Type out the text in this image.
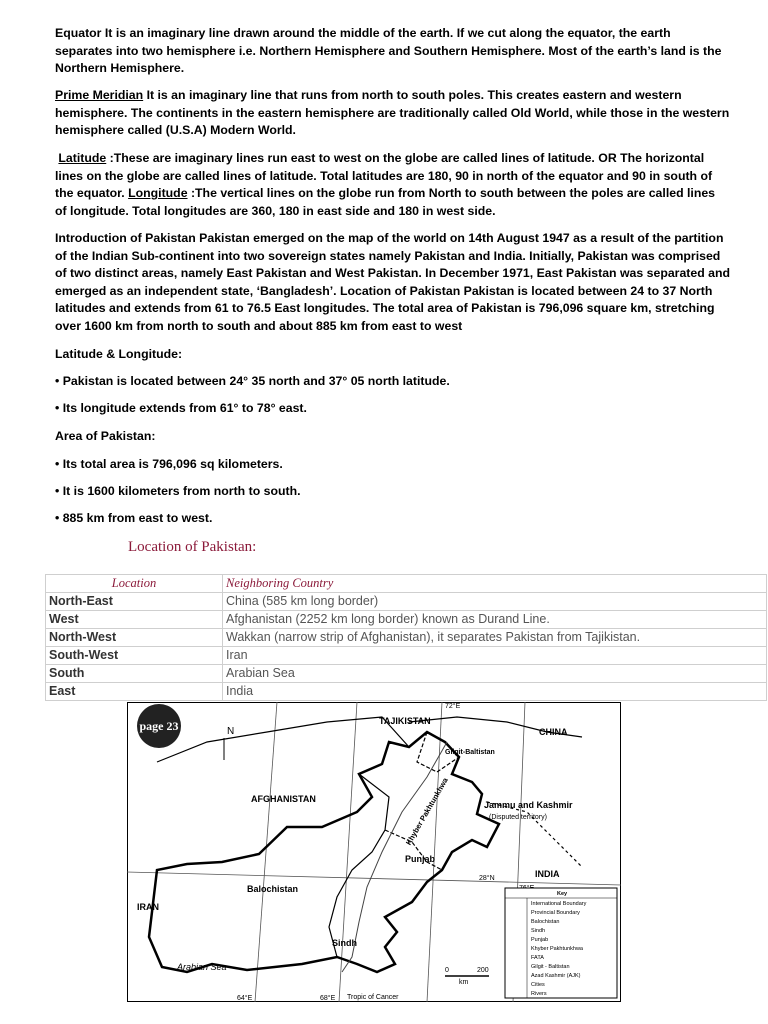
Equator It is an imaginary line drawn around the middle of the earth. If we cut along the equator, the earth separates into two hemisphere i.e. Northern Hemisphere and Southern Hemisphere. Most of the earth’s land is the Northern Hemisphere.

Prime Meridian It is an imaginary line that runs from north to south poles. This creates eastern and western hemisphere. The continents in the eastern hemisphere are traditionally called Old World, while those in the western hemisphere called (U.S.A) Modern World.

Latitude :These are imaginary lines run east to west on the globe are called lines of latitude. OR The horizontal lines on the globe are called lines of latitude. Total latitudes are 180, 90 in north of the equator and 90 in south of the equator. Longitude :The vertical lines on the globe run from North to south between the poles are called lines of longitude. Total longitudes are 360, 180 in east side and 180 in west side.

Introduction of Pakistan Pakistan emerged on the map of the world on 14th August 1947 as a result of the partition of the Indian Sub-continent into two sovereign states namely Pakistan and India. Initially, Pakistan was comprised of two distinct areas, namely East Pakistan and West Pakistan. In December 1971, East Pakistan was separated and emerged as an independent state, ‘Bangladesh’. Location of Pakistan Pakistan is located between 24 to 37 North latitudes and extends from 61 to 76.5 East longitudes. The total area of Pakistan is 796,096 square km, stretching over 1600 km from north to south and about 885 km from east to west

Latitude & Longitude:
• Pakistan is located between 24° 35 north and 37° 05 north latitude.
• Its longitude extends from 61° to 78° east.
Area of Pakistan:
• Its total area is 796,096 sq kilometers.
• It is 1600 kilometers from north to south.
• 885 km from east to west.
Location of Pakistan:
Location	Neighboring Country
North-East	China (585 km long border)
West	Afghanistan (2252 km long border) known as Durand Line.
North-West	Wakkan (narrow strip of Afghanistan), it separates Pakistan from Tajikistan.
South-West	Iran
South	Arabian Sea
East	India
page 23	N
TAJIKISTAN
CHINA
AFGHANISTAN
Jammu and Kashmir
Balochistan
Punjab
INDIA
IRAN
Sindh
Gilgit-Baltistan
(Disputed territory)
Khyber Pakhtunkhwa
Arabian Sea
Tropic of Cancer
72°E
28°N
64°E	68°E
0	200
km
Key
International Boundary
Provincial Boundary
Balochistan
Sindh
Punjab
Khyber Pakhtunkhwa
FATA
Gilgit - Baltistan
Azad Kashmir (AJK)
Cities
Rivers
